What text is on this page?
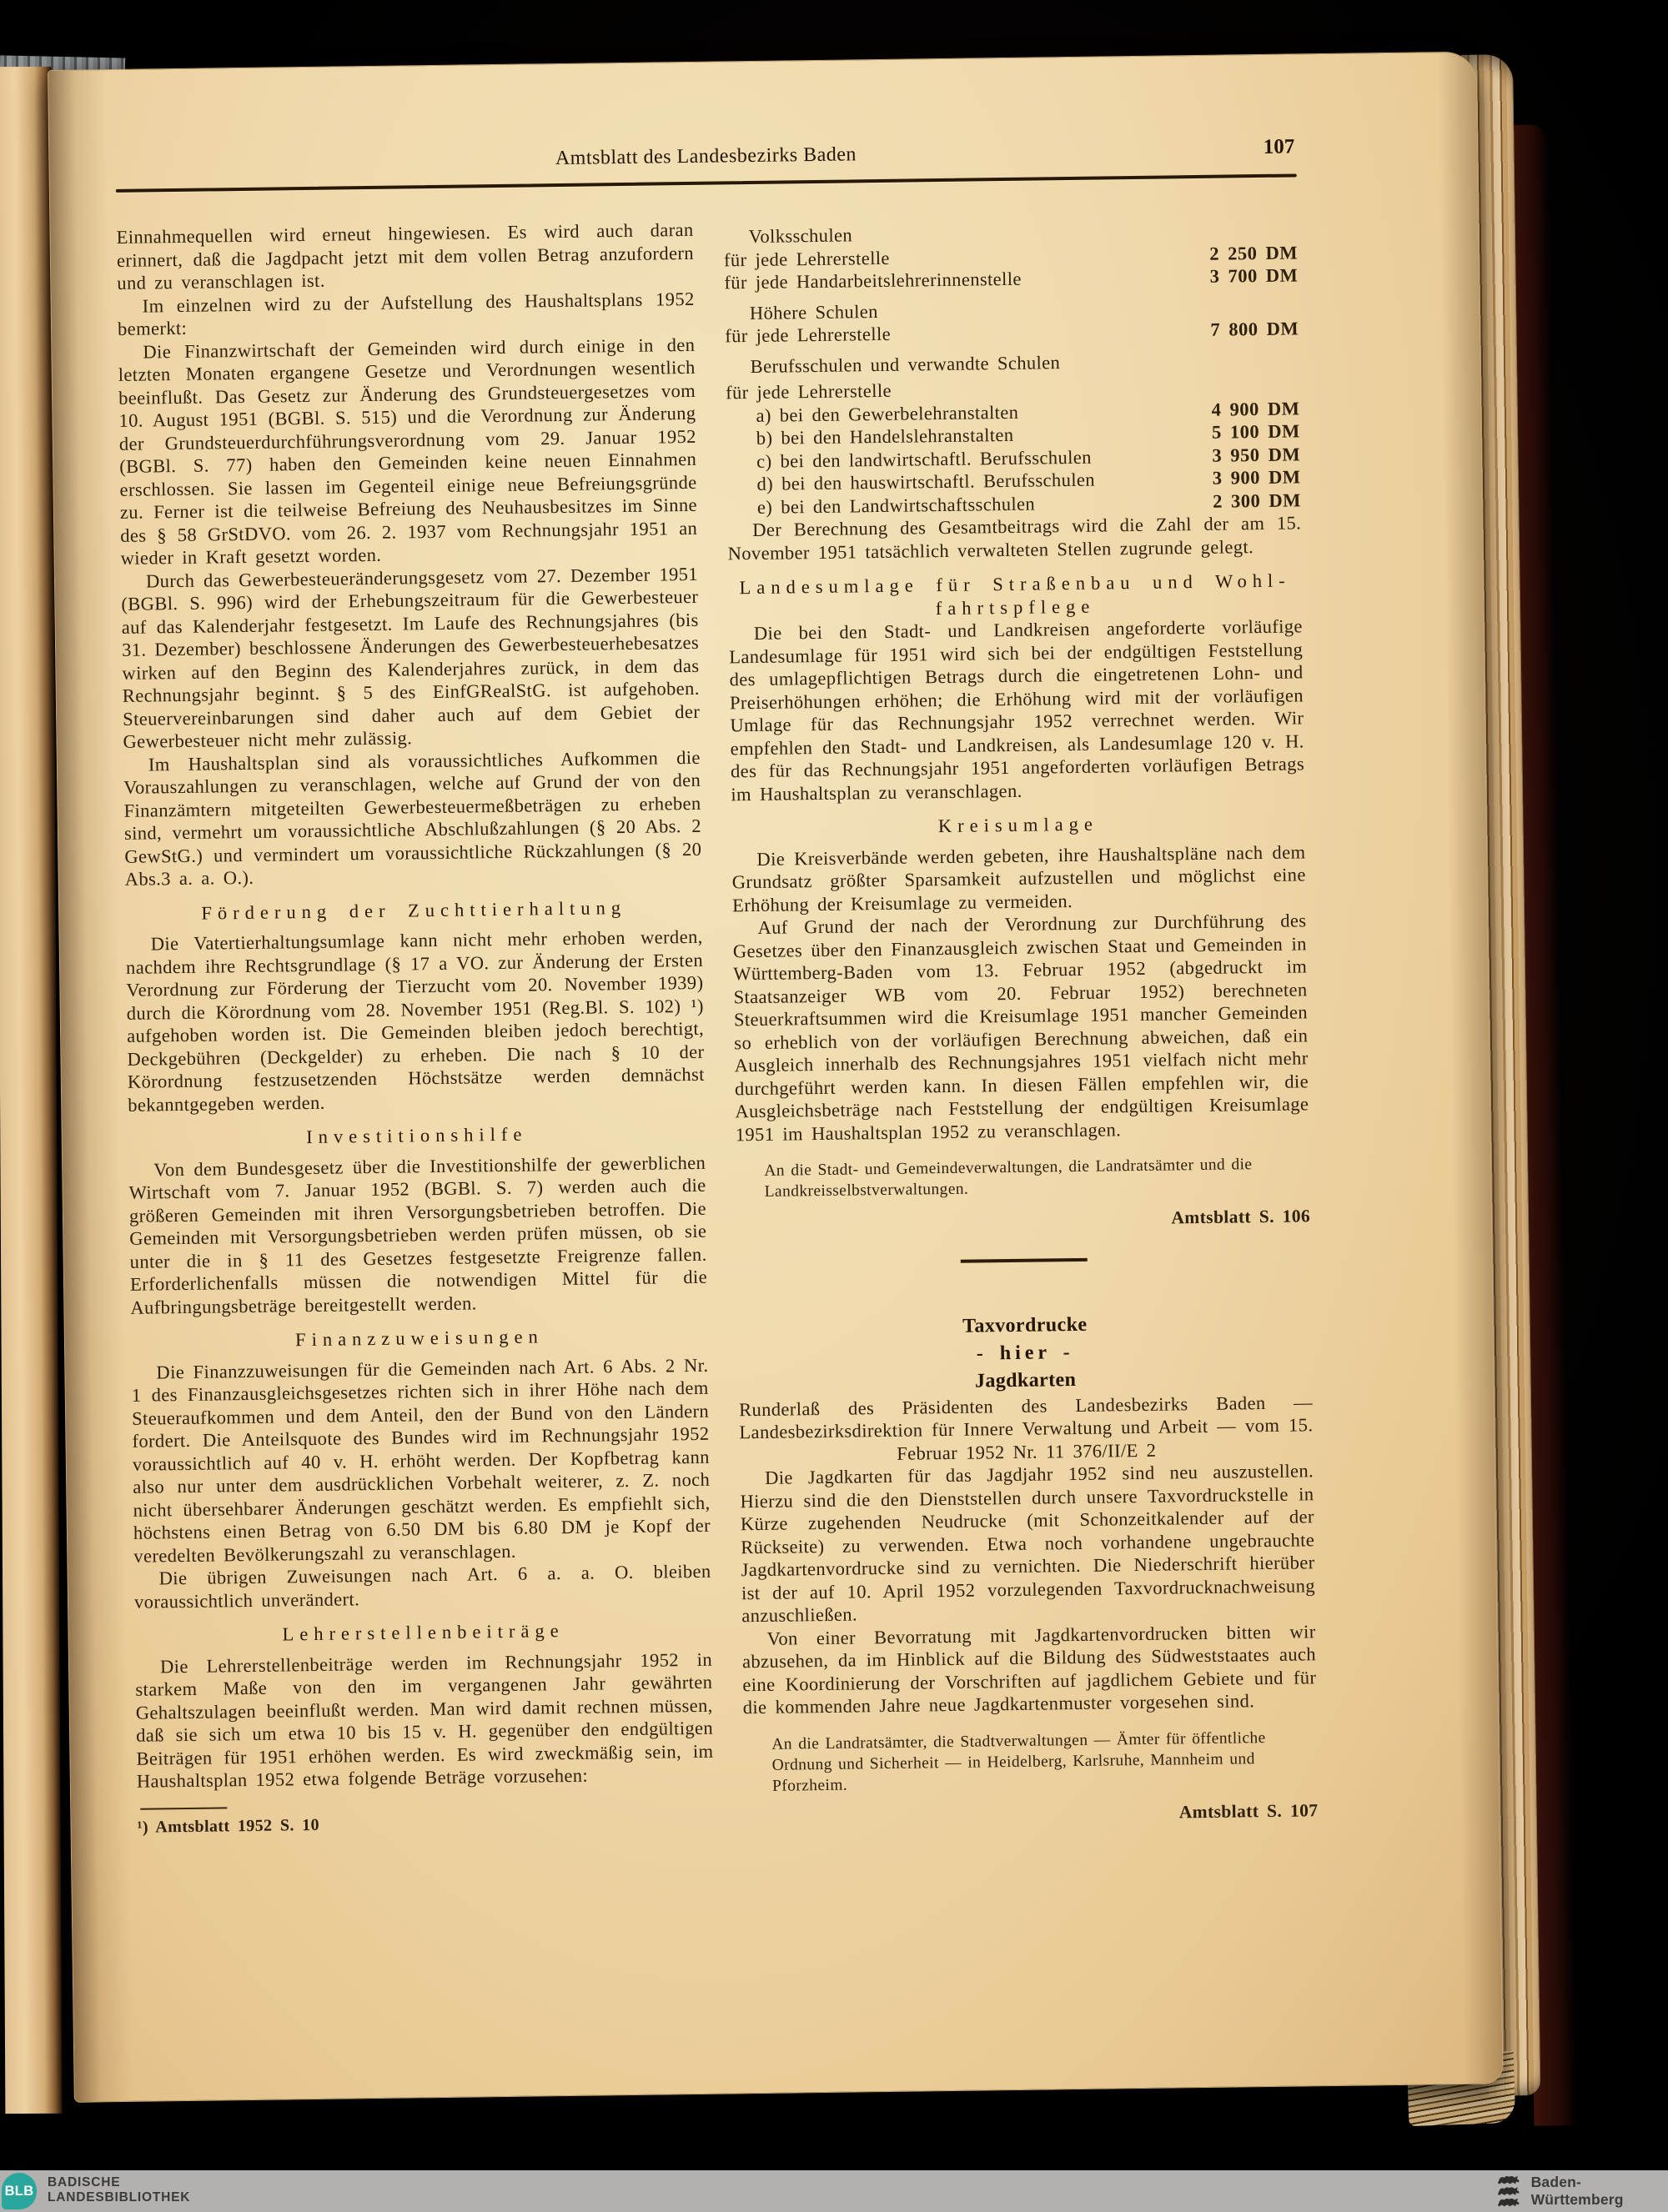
Amtsblatt des Landesbezirks Baden	107

Einnahmequellen wird erneut hingewiesen. Es wird auch daran erinnert, daß die Jagdpacht jetzt mit dem vollen Betrag anzufordern und zu veranschlagen ist.

Im einzelnen wird zu der Aufstellung des Haushaltsplans 1952 bemerkt:

Die Finanzwirtschaft der Gemeinden wird durch einige in den letzten Monaten ergangene Gesetze und Verordnungen wesentlich beeinflußt. Das Gesetz zur Änderung des Grundsteuergesetzes vom 10. August 1951 (BGBl. S. 515) und die Verordnung zur Änderung der Grundsteuerdurchführungsverordnung vom 29. Januar 1952 (BGBl. S. 77) haben den Gemeinden keine neuen Einnahmen erschlossen. Sie lassen im Gegenteil einige neue Befreiungsgründe zu. Ferner ist die teilweise Befreiung des Neuhausbesitzes im Sinne des § 58 GrStDVO. vom 26. 2. 1937 vom Rechnungsjahr 1951 an wieder in Kraft gesetzt worden.

Durch das Gewerbesteueränderungsgesetz vom 27. Dezember 1951 (BGBl. S. 996) wird der Erhebungszeitraum für die Gewerbesteuer auf das Kalenderjahr festgesetzt. Im Laufe des Rechnungsjahres (bis 31. Dezember) beschlossene Änderungen des Gewerbesteuerhebesatzes wirken auf den Beginn des Kalenderjahres zurück, in dem das Rechnungsjahr beginnt. § 5 des EinfGRealStG. ist aufgehoben. Steuervereinbarungen sind daher auch auf dem Gebiet der Gewerbesteuer nicht mehr zulässig.

Im Haushaltsplan sind als voraussichtliches Aufkommen die Vorauszahlungen zu veranschlagen, welche auf Grund der von den Finanzämtern mitgeteilten Gewerbesteuermeßbeträgen zu erheben sind, vermehrt um voraussichtliche Abschlußzahlungen (§ 20 Abs. 2 GewStG.) und vermindert um voraussichtliche Rückzahlungen (§ 20 Abs.3 a. a. O.).

Förderung der Zuchttierhaltung

Die Vatertierhaltungsumlage kann nicht mehr erhoben werden, nachdem ihre Rechtsgrundlage (§ 17 a VO. zur Änderung der Ersten Verordnung zur Förderung der Tierzucht vom 20. November 1939) durch die Körordnung vom 28. November 1951 (Reg.Bl. S. 102) ¹) aufgehoben worden ist. Die Gemeinden bleiben jedoch berechtigt, Deckgebühren (Deckgelder) zu erheben. Die nach § 10 der Körordnung festzusetzenden Höchstsätze werden demnächst bekanntgegeben werden.

Investitionshilfe

Von dem Bundesgesetz über die Investitionshilfe der gewerblichen Wirtschaft vom 7. Januar 1952 (BGBl. S. 7) werden auch die größeren Gemeinden mit ihren Versorgungsbetrieben betroffen. Die Gemeinden mit Versorgungsbetrieben werden prüfen müssen, ob sie unter die in § 11 des Gesetzes festgesetzte Freigrenze fallen. Erforderlichenfalls müssen die notwendigen Mittel für die Aufbringungsbeträge bereitgestellt werden.

Finanzzuweisungen

Die Finanzzuweisungen für die Gemeinden nach Art. 6 Abs. 2 Nr. 1 des Finanzausgleichsgesetzes richten sich in ihrer Höhe nach dem Steueraufkommen und dem Anteil, den der Bund von den Ländern fordert. Die Anteilsquote des Bundes wird im Rechnungsjahr 1952 voraussichtlich auf 40 v. H. erhöht werden. Der Kopfbetrag kann also nur unter dem ausdrücklichen Vorbehalt weiterer, z. Z. noch nicht übersehbarer Änderungen geschätzt werden. Es empfiehlt sich, höchstens einen Betrag von 6.50 DM bis 6.80 DM je Kopf der veredelten Bevölkerungszahl zu veranschlagen.

Die übrigen Zuweisungen nach Art. 6 a. a. O. bleiben voraussichtlich unverändert.

Lehrerstellenbeiträge

Die Lehrerstellenbeiträge werden im Rechnungsjahr 1952 in starkem Maße von den im vergangenen Jahr gewährten Gehaltszulagen beeinflußt werden. Man wird damit rechnen müssen, daß sie sich um etwa 10 bis 15 v. H. gegenüber den endgültigen Beiträgen für 1951 erhöhen werden. Es wird zweckmäßig sein, im Haushaltsplan 1952 etwa folgende Beträge vorzusehen:

¹) Amtsblatt 1952 S. 10
Volksschulen
für jede Lehrerstelle	2 250 DM
für jede Handarbeitslehrerinnenstelle	3 700 DM
Höhere Schulen
für jede Lehrerstelle	7 800 DM
Berufsschulen und verwandte Schulen
für jede Lehrerstelle
a) bei den Gewerbelehranstalten	4 900 DM
b) bei den Handelslehranstalten	5 100 DM
c) bei den landwirtschaftl. Berufsschulen	3 950 DM
d) bei den hauswirtschaftl. Berufsschulen	3 900 DM
e) bei den Landwirtschaftsschulen	2 300 DM

Der Berechnung des Gesamtbeitrags wird die Zahl der am 15. November 1951 tatsächlich verwalteten Stellen zugrunde gelegt.

Landesumlage für Straßenbau und Wohl-
fahrtspflege

Die bei den Stadt- und Landkreisen angeforderte vorläufige Landesumlage für 1951 wird sich bei der endgültigen Feststellung des umlagepflichtigen Betrags durch die eingetretenen Lohn- und Preiserhöhungen erhöhen; die Erhöhung wird mit der vorläufigen Umlage für das Rechnungsjahr 1952 verrechnet werden. Wir empfehlen den Stadt- und Landkreisen, als Landesumlage 120 v. H. des für das Rechnungsjahr 1951 angeforderten vorläufigen Betrags im Haushaltsplan zu veranschlagen.

Kreisumlage

Die Kreisverbände werden gebeten, ihre Haushaltspläne nach dem Grundsatz größter Sparsamkeit aufzustellen und möglichst eine Erhöhung der Kreisumlage zu vermeiden.

Auf Grund der nach der Verordnung zur Durchführung des Gesetzes über den Finanzausgleich zwischen Staat und Gemeinden in Württemberg-Baden vom 13. Februar 1952 (abgedruckt im Staatsanzeiger WB vom 20. Februar 1952) berechneten Steuerkraftsummen wird die Kreisumlage 1951 mancher Gemeinden so erheblich von der vorläufigen Berechnung abweichen, daß ein Ausgleich innerhalb des Rechnungsjahres 1951 vielfach nicht mehr durchgeführt werden kann. In diesen Fällen empfehlen wir, die Ausgleichsbeträge nach Feststellung der endgültigen Kreisumlage 1951 im Haushaltsplan 1952 zu veranschlagen.

An die Stadt- und Gemeindeverwaltungen, die Landratsämter und die Landkreisselbstverwaltungen.
Amtsblatt S. 106
Taxvordrucke
- hier -
Jagdkarten

Runderlaß des Präsidenten des Landesbezirks Baden — Landesbezirksdirektion für Innere Verwaltung und Arbeit — vom 15. Februar 1952 Nr. 11 376/II/E 2

Die Jagdkarten für das Jagdjahr 1952 sind neu auszustellen. Hierzu sind die den Dienststellen durch unsere Taxvordruckstelle in Kürze zugehenden Neudrucke (mit Schonzeitkalender auf der Rückseite) zu verwenden. Etwa noch vorhandene ungebrauchte Jagdkartenvordrucke sind zu vernichten. Die Niederschrift hierüber ist der auf 10. April 1952 vorzulegenden Taxvordrucknachweisung anzuschließen.

Von einer Bevorratung mit Jagdkartenvordrucken bitten wir abzusehen, da im Hinblick auf die Bildung des Südweststaates auch eine Koordinierung der Vorschriften auf jagdlichem Gebiete und für die kommenden Jahre neue Jagdkartenmuster vorgesehen sind.

An die Landratsämter, die Stadtverwaltungen — Ämter für öffentliche Ordnung und Sicherheit — in Heidelberg, Karlsruhe, Mannheim und Pforzheim.
Amtsblatt S. 107
BLB
BADISCHE
LANDESBIBLIOTHEK
Baden-Württemberg
